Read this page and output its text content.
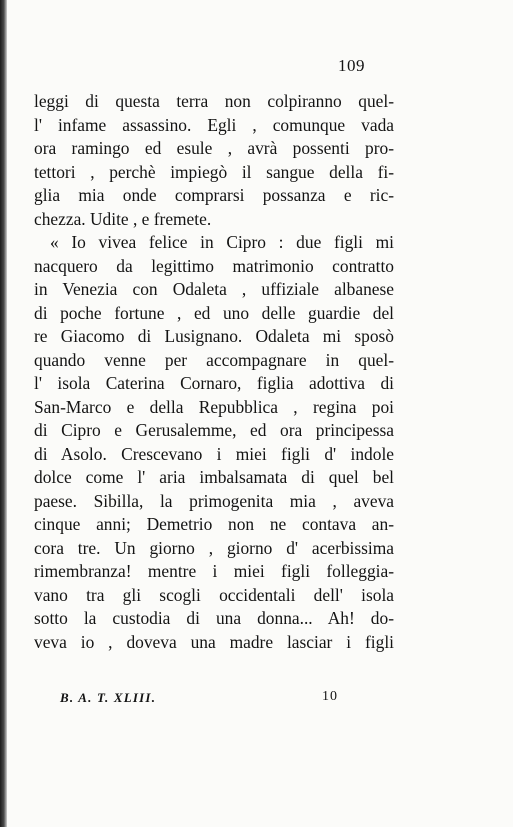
109

leggi di questa terra non colpiranno quel-
l' infame assassino. Egli , comunque vada
ora ramingo ed esule , avrà possenti pro-
tettori , perchè impiegò il sangue della fi-
glia mia onde comprarsi possanza e ric-
chezza. Udite , e fremete.
« Io vivea felice in Cipro : due figli mi
nacquero da legittimo matrimonio contratto
in Venezia con Odaleta , uffiziale albanese
di poche fortune , ed uno delle guardie del
re Giacomo di Lusignano. Odaleta mi sposò
quando venne per accompagnare in quel-
l' isola Caterina Cornaro, figlia adottiva di
San-Marco e della Repubblica , regina poi
di Cipro e Gerusalemme, ed ora principessa
di Asolo. Crescevano i miei figli d' indole
dolce come l' aria imbalsamata di quel bel
paese. Sibilla, la primogenita mia , aveva
cinque anni; Demetrio non ne contava an-
cora tre. Un giorno , giorno d' acerbissima
rimembranza! mentre i miei figli folleggia-
vano tra gli scogli occidentali dell' isola
sotto la custodia di una donna... Ah! do-
veva io , doveva una madre lasciar i figli

B. A. T. XLIII.	10
